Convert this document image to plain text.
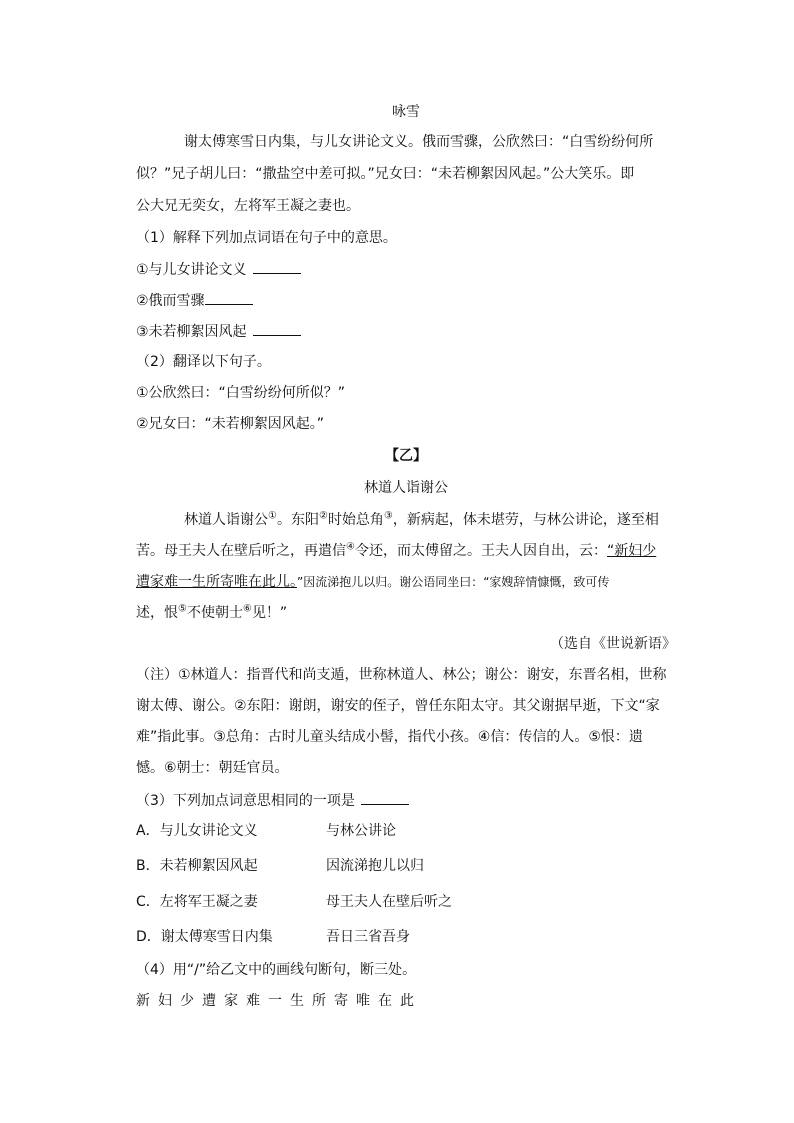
咏雪
谢太傅寒雪日内集，与儿女讲论文义。俄而雪骤，公欣然曰：“白雪纷纷何所
似？”兄子胡儿曰：“撒盐空中差可拟。”兄女曰：“未若柳絮因风起。”公大笑乐。即
公大兄无奕女，左将军王凝之妻也。
（1）解释下列加点词语在句子中的意思。
①与儿女讲论文义
②俄而雪骤
③未若柳絮因风起
（2）翻译以下句子。
①公欣然曰：“白雪纷纷何所似？”
②兄女曰：“未若柳絮因风起。”
【乙】
林道人诣谢公
林道人诣谢公①。东阳②时始总角③，新病起，体未堪劳，与林公讲论，遂至相
苦。母王夫人在壁后听之，再遣信④令还，而太傅留之。王夫人因自出，云：“新妇少
遭家难一生所寄唯在此儿。”因流涕抱儿以归。谢公语同坐曰：“家嫂辞情慷慨，致可传
述，恨⑤不使朝士⑥见！”
（选自《世说新语》
（注）①林道人：指晋代和尚支遁，世称林道人、林公；谢公：谢安，东晋名相，世称
谢太傅、谢公。②东阳：谢朗，谢安的侄子，曾任东阳太守。其父谢据早逝，下文“家
难”指此事。③总角：古时儿童头结成小髻，指代小孩。④信：传信的人。⑤恨：遗
憾。⑥朝士：朝廷官员。
（3）下列加点词意思相同的一项是
A．与儿女讲论文义	与林公讲论
B．未若柳絮因风起	因流涕抱儿以归
C．左将军王凝之妻	母王夫人在壁后听之
D．谢太傅寒雪日内集	吾日三省吾身
（4）用“/”给乙文中的画线句断句，断三处。
新妇少遭家难一生所寄唯在此
